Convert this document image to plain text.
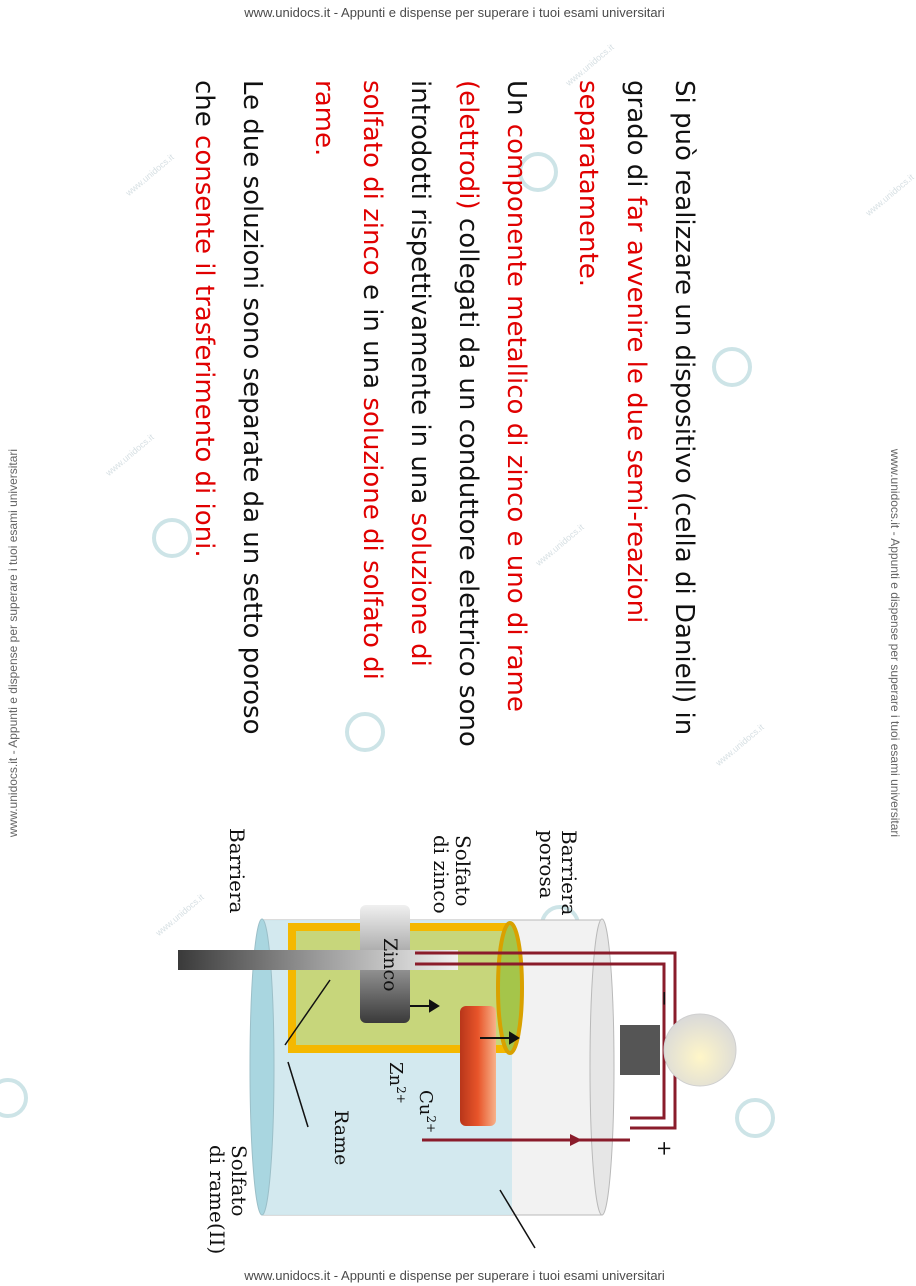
www.unidocs.it - Appunti e dispense per superare i tuoi esami universitari
www.unidocs.it - Appunti e dispense per superare i tuoi esami universitari
www.unidocs.it - Appunti e dispense per superare i tuoi esami universitari	www.unidocs.it - Appunti e dispense per superare i tuoi esami universitari
www.unidocs.it
www.unidocs.it
www.unidocs.it
www.unidocs.it
www.unidocs.it
www.unidocs.it
www.unidocs.it

Si può realizzare un dispositivo (cella di Daniell) in grado di far avvenire le due semi-reazioni separatamente.

Un componente metallico di zinco e uno di rame (elettrodi) collegati da un conduttore elettrico sono introdotti rispettivamente in una soluzione di solfato di zinco e in una soluzione di solfato di rame.

Le due soluzioni sono separate da un setto poroso che consente il trasferimento di ioni.

Barriera	Barriera
porosa
Solfato
di zinco
Solfato
di rame(II)
Zinco
Rame
$Zn^{2+}$ $Cu^{2+}$
−
+
